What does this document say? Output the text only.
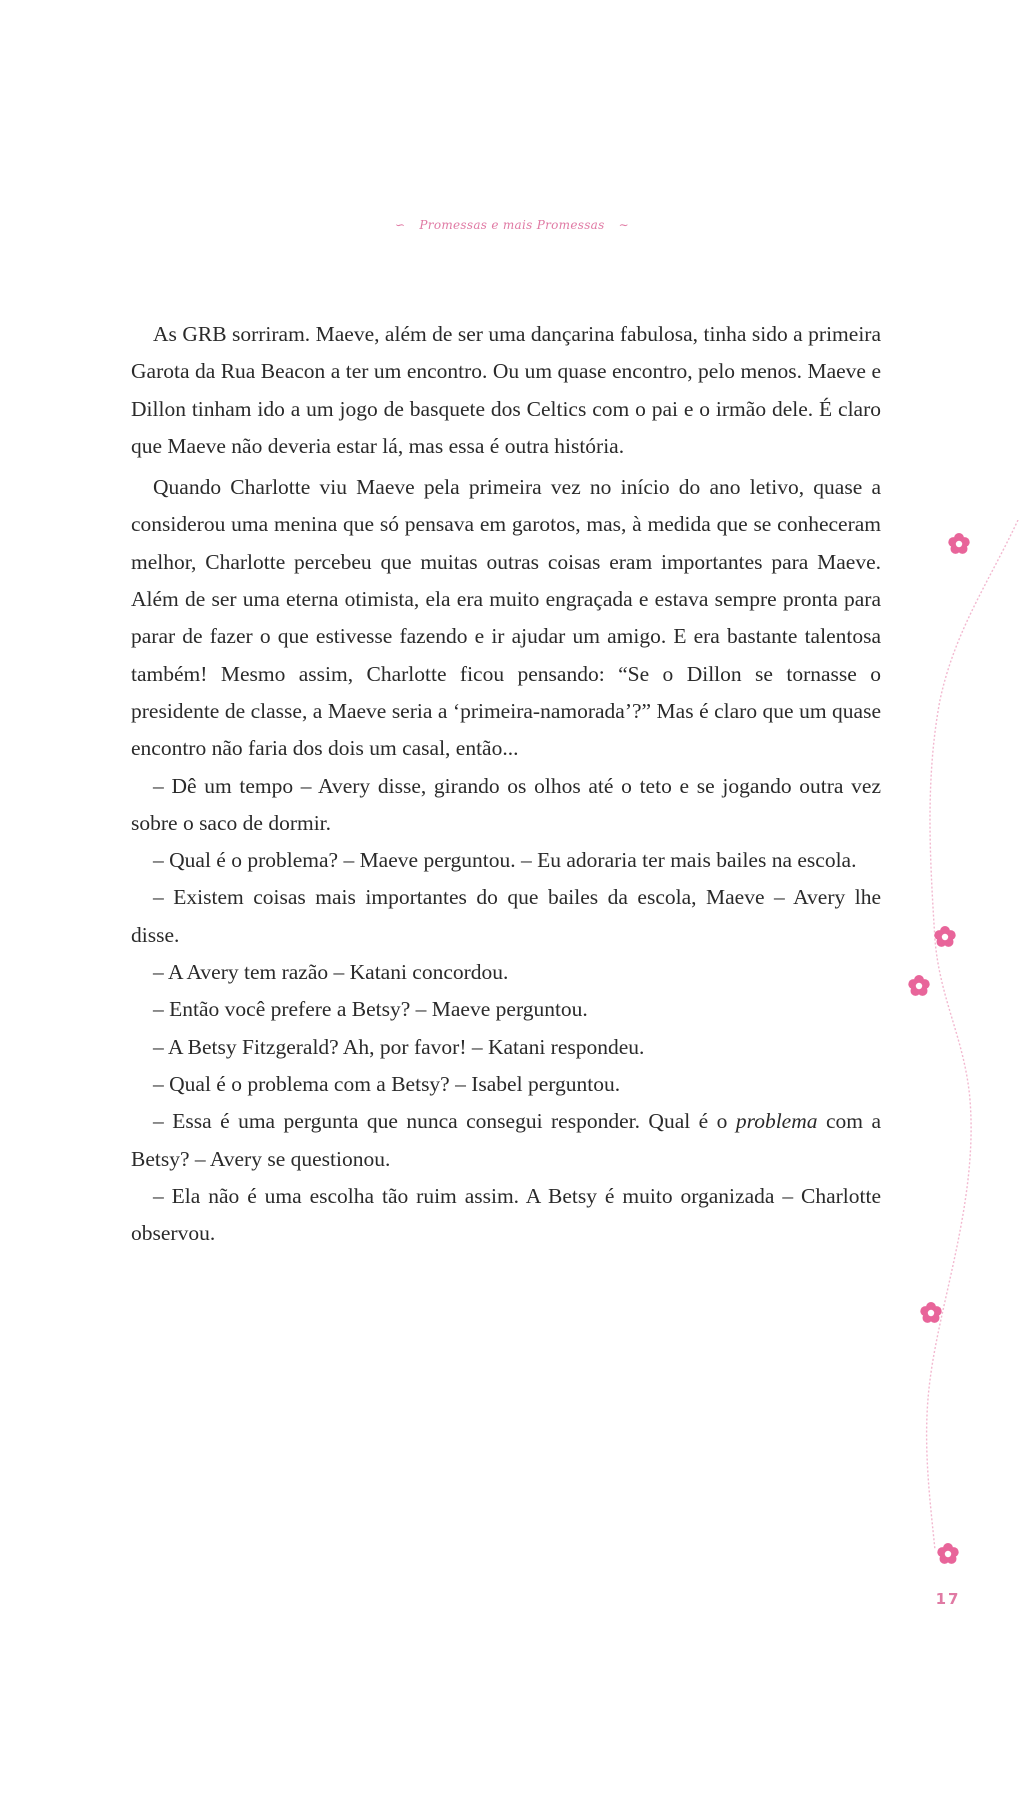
∽ Promessas e mais Promessas ∼

As GRB sorriram. Maeve, além de ser uma dançarina fabulosa, tinha sido a primeira Garota da Rua Beacon a ter um encontro. Ou um quase encontro, pelo menos. Maeve e Dillon tinham ido a um jogo de basquete dos Celtics com o pai e o irmão dele. É claro que Maeve não deveria estar lá, mas essa é outra história.

Quando Charlotte viu Maeve pela primeira vez no início do ano letivo, quase a considerou uma menina que só pensava em garotos, mas, à medida que se conheceram melhor, Charlotte percebeu que muitas outras coisas eram importantes para Maeve. Além de ser uma eterna otimista, ela era muito engraçada e estava sempre pronta para parar de fazer o que estivesse fazendo e ir ajudar um amigo. E era bastante talentosa também! Mesmo assim, Charlotte ficou pensando: “Se o Dillon se tornasse o presidente de classe, a Maeve seria a ‘primeira-namorada’?” Mas é claro que um quase encontro não faria dos dois um casal, então...

– Dê um tempo – Avery disse, girando os olhos até o teto e se jogando outra vez sobre o saco de dormir.

– Qual é o problema? – Maeve perguntou. – Eu adoraria ter mais bailes na escola.

– Existem coisas mais importantes do que bailes da escola, Maeve – Avery lhe disse.

– A Avery tem razão – Katani concordou.

– Então você prefere a Betsy? – Maeve perguntou.

– A Betsy Fitzgerald? Ah, por favor! – Katani respondeu.

– Qual é o problema com a Betsy? – Isabel perguntou.

– Essa é uma pergunta que nunca consegui responder. Qual é o problema com a Betsy? – Avery se questionou.

– Ela não é uma escolha tão ruim assim. A Betsy é muito organizada – Charlotte observou.

17
